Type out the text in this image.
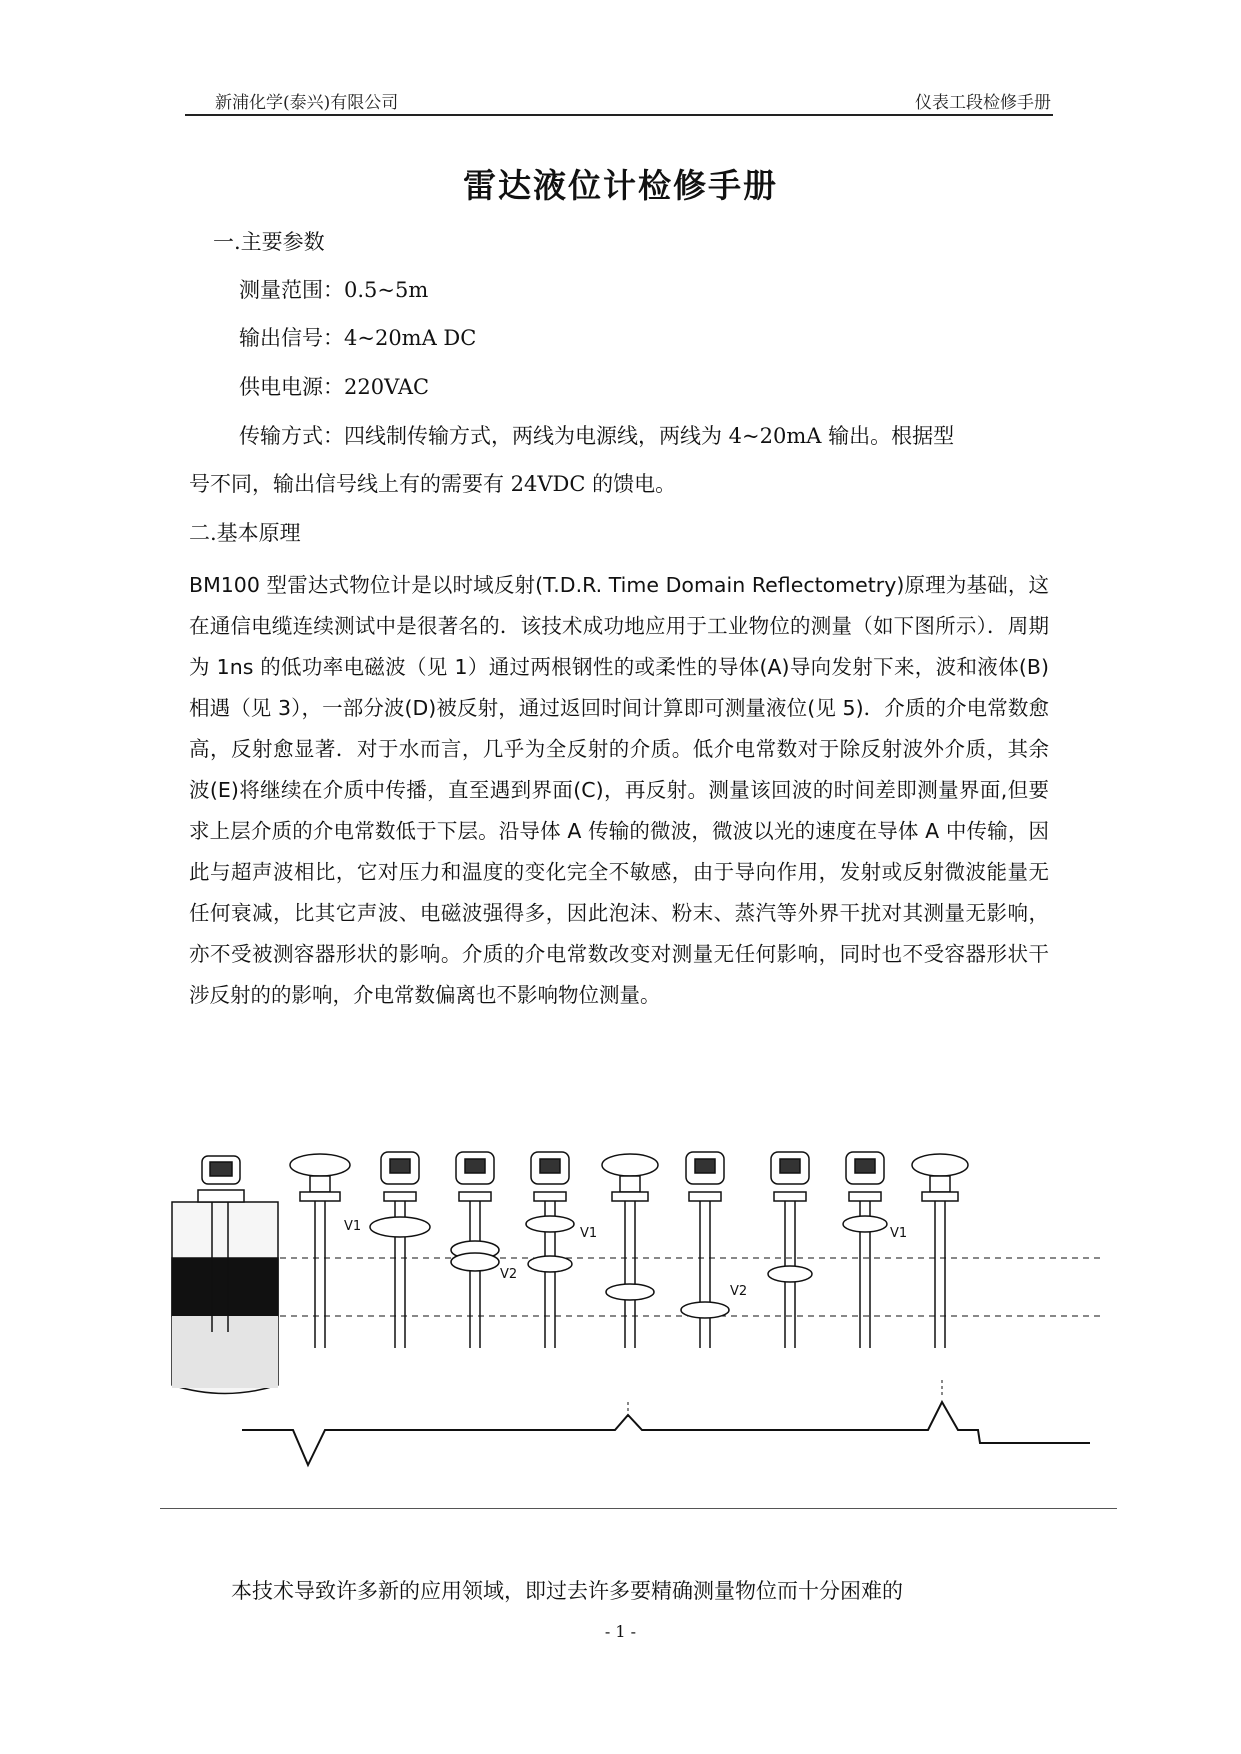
新浦化学(泰兴)有限公司	仪表工段检修手册
雷达液位计检修手册
一.主要参数
测量范围：0.5~5m
输出信号：4~20mA DC
供电电源：220VAC
传输方式：四线制传输方式，两线为电源线，两线为 4~20mA 输出。根据型
号不同，输出信号线上有的需要有 24VDC 的馈电。
二.基本原理
BM100 型雷达式物位计是以时域反射(T.D.R. Time Domain Reflectometry)原理为基础，这在通信电缆连续测试中是很著名的．该技术成功地应用于工业物位的测量（如下图所示）．周期为 1ns 的低功率电磁波（见 1）通过两根钢性的或柔性的导体(A)导向发射下来，波和液体(B)相遇（见 3），一部分波(D)被反射，通过返回时间计算即可测量液位(见 5)．介质的介电常数愈高，反射愈显著．对于水而言，几乎为全反射的介质。低介电常数对于除反射波外介质，其余波(E)将继续在介质中传播，直至遇到界面(C)，再反射。测量该回波的时间差即测量界面,但要求上层介质的介电常数低于下层。沿导体 A 传输的微波，微波以光的速度在导体 A 中传输，因此与超声波相比，它对压力和温度的变化完全不敏感，由于导向作用，发射或反射微波能量无任何衰减，比其它声波、电磁波强得多，因此泡沫、粉末、蒸汽等外界干扰对其测量无影响，亦不受被测容器形状的影响。介质的介电常数改变对测量无任何影响，同时也不受容器形状干涉反射的的影响，介电常数偏离也不影响物位测量。
V1
V2
V1
V2
V1
本技术导致许多新的应用领域，即过去许多要精确测量物位而十分困难的
- 1 -
